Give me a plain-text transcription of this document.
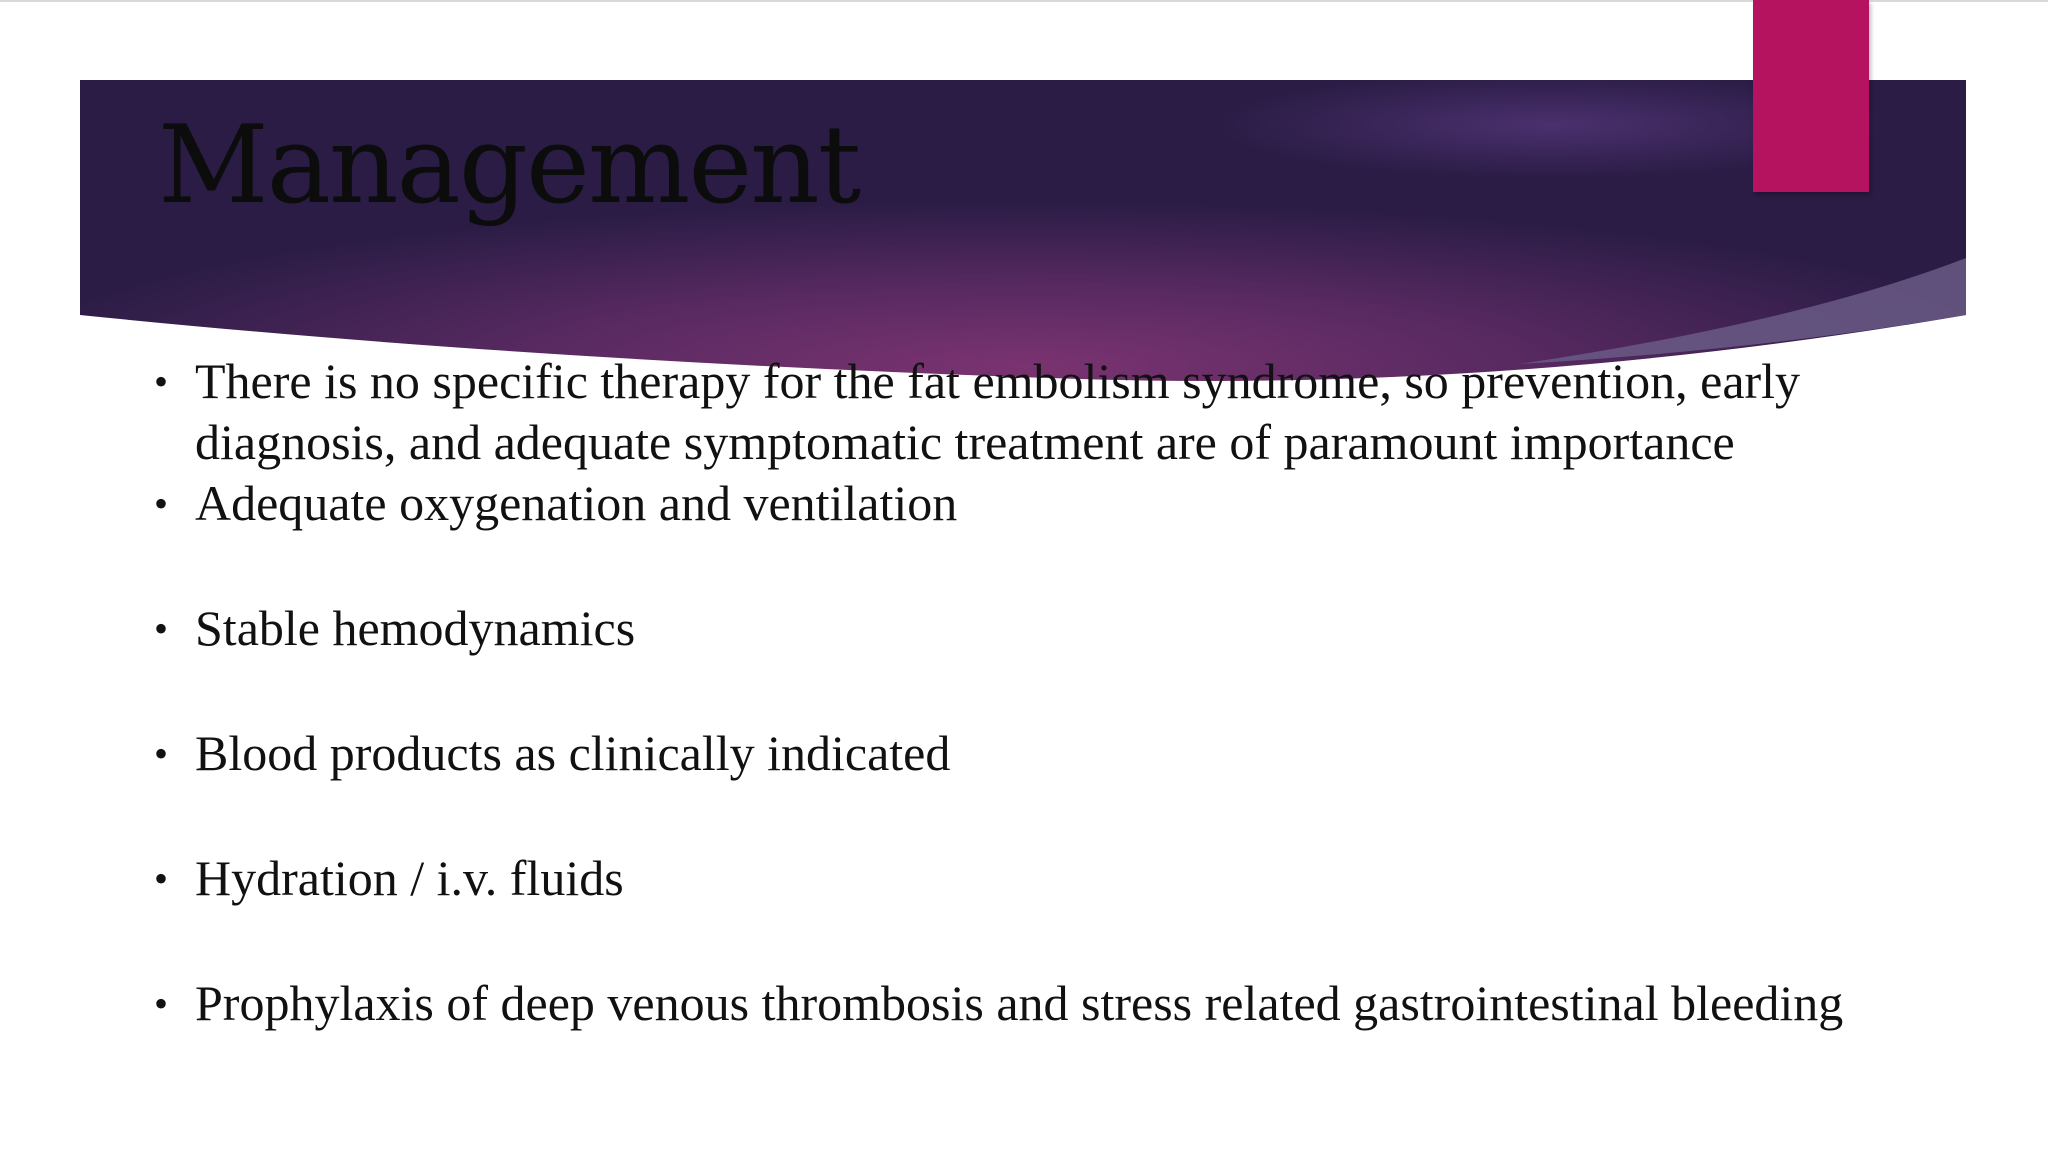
Management
• There is no specific therapy for the fat embolism syndrome, so prevention, early diagnosis, and adequate symptomatic treatment are of paramount importance
• Adequate oxygenation and ventilation
• Stable hemodynamics
• Blood products as clinically indicated
• Hydration / i.v. fluids
• Prophylaxis of deep venous thrombosis and stress related gastrointestinal bleeding
